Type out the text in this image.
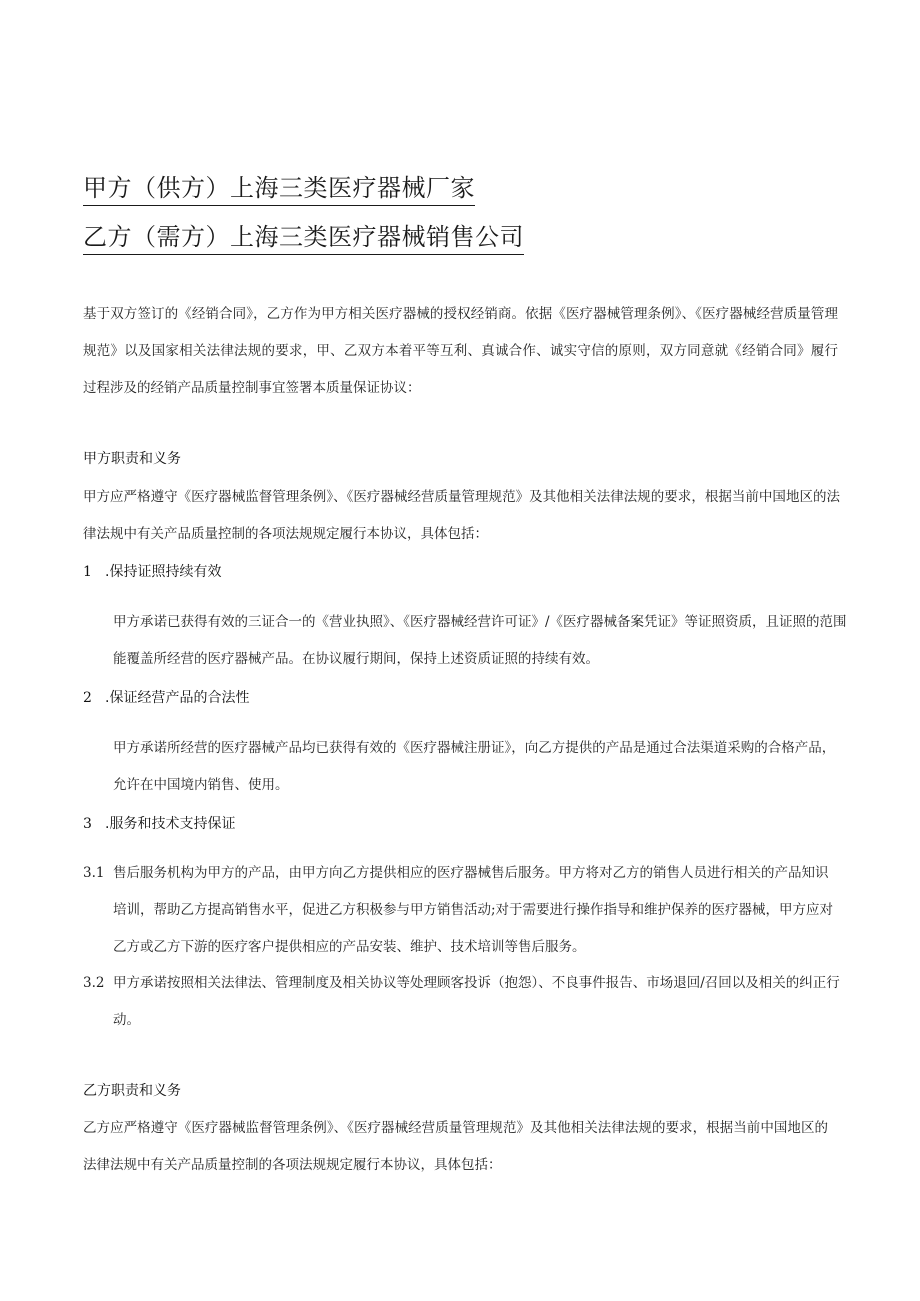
甲方（供方）上海三类医疗器械厂家
乙方（需方）上海三类医疗器械销售公司
基于双方签订的《经销合同》，乙方作为甲方相关医疗器械的授权经销商。依据《医疗器械管理条例》、《医疗器械经营质量管理规范》以及国家相关法律法规的要求，甲、乙双方本着平等互利、真诚合作、诚实守信的原则，双方同意就《经销合同》履行过程涉及的经销产品质量控制事宜签署本质量保证协议：
甲方职责和义务
甲方应严格遵守《医疗器械监督管理条例》、《医疗器械经营质量管理规范》及其他相关法律法规的要求，根据当前中国地区的法律法规中有关产品质量控制的各项法规规定履行本协议，具体包括：
1 .保持证照持续有效
甲方承诺已获得有效的三证合一的《营业执照》、《医疗器械经营许可证》/《医疗器械备案凭证》等证照资质，且证照的范围能覆盖所经营的医疗器械产品。在协议履行期间，保持上述资质证照的持续有效。
2 .保证经营产品的合法性
甲方承诺所经营的医疗器械产品均已获得有效的《医疗器械注册证》，向乙方提供的产品是通过合法渠道采购的合格产品，允许在中国境内销售、使用。
3 .服务和技术支持保证
3.1 售后服务机构为甲方的产品，由甲方向乙方提供相应的医疗器械售后服务。甲方将对乙方的销售人员进行相关的产品知识培训，帮助乙方提高销售水平，促进乙方积极参与甲方销售活动;对于需要进行操作指导和维护保养的医疗器械，甲方应对乙方或乙方下游的医疗客户提供相应的产品安装、维护、技术培训等售后服务。
3.2 甲方承诺按照相关法律法、管理制度及相关协议等处理顾客投诉（抱怨）、不良事件报告、市场退回/召回以及相关的纠正行动。
乙方职责和义务
乙方应严格遵守《医疗器械监督管理条例》、《医疗器械经营质量管理规范》及其他相关法律法规的要求，根据当前中国地区的法律法规中有关产品质量控制的各项法规规定履行本协议，具体包括：
